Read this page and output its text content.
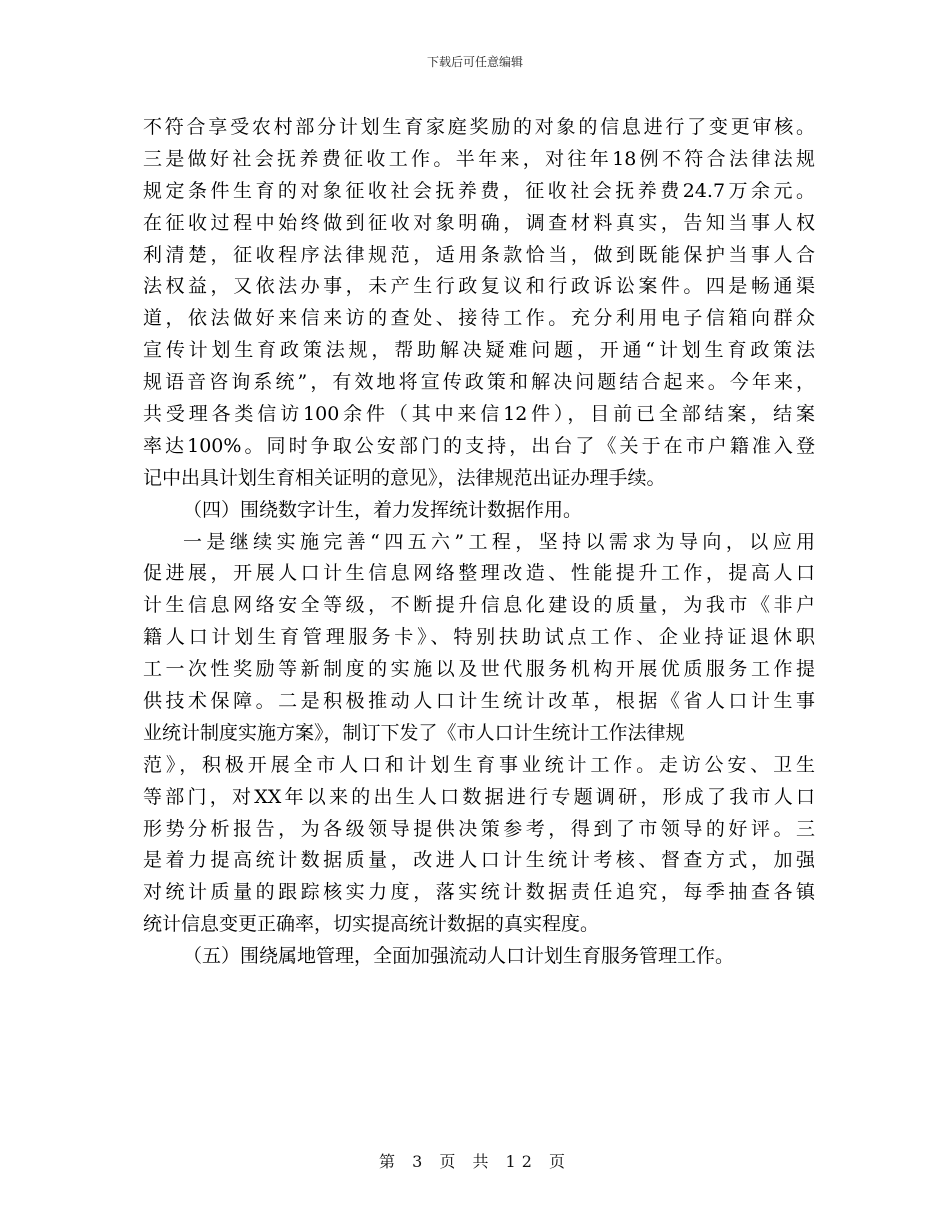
下载后可任意编辑
不符合享受农村部分计划生育家庭奖励的对象的信息进行了变更审核。
三是做好社会抚养费征收工作。半年来，对往年18例不符合法律法规
规定条件生育的对象征收社会抚养费，征收社会抚养费24.7万余元。
在征收过程中始终做到征收对象明确，调查材料真实，告知当事人权
利清楚，征收程序法律规范，适用条款恰当，做到既能保护当事人合
法权益，又依法办事，未产生行政复议和行政诉讼案件。四是畅通渠
道，依法做好来信来访的查处、接待工作。充分利用电子信箱向群众
宣传计划生育政策法规，帮助解决疑难问题，开通“计划生育政策法
规语音咨询系统”，有效地将宣传政策和解决问题结合起来。今年来，
共受理各类信访100余件（其中来信12件），目前已全部结案，结案
率达100%。同时争取公安部门的支持，出台了《关于在市户籍准入登
记中出具计划生育相关证明的意见》，法律规范出证办理手续。
（四）围绕数字计生，着力发挥统计数据作用。
一是继续实施完善“四五六”工程，坚持以需求为导向，以应用
促进展，开展人口计生信息网络整理改造、性能提升工作，提高人口
计生信息网络安全等级，不断提升信息化建设的质量，为我市《非户
籍人口计划生育管理服务卡》、特别扶助试点工作、企业持证退休职
工一次性奖励等新制度的实施以及世代服务机构开展优质服务工作提
供技术保障。二是积极推动人口计生统计改革，根据《省人口计生事
业统计制度实施方案》，制订下发了《市人口计生统计工作法律规
范》，积极开展全市人口和计划生育事业统计工作。走访公安、卫生
等部门，对XX年以来的出生人口数据进行专题调研，形成了我市人口
形势分析报告，为各级领导提供决策参考，得到了市领导的好评。三
是着力提高统计数据质量，改进人口计生统计考核、督查方式，加强
对统计质量的跟踪核实力度，落实统计数据责任追究，每季抽查各镇
统计信息变更正确率，切实提高统计数据的真实程度。
（五）围绕属地管理，全面加强流动人口计划生育服务管理工作。
第 3 页 共 12 页
